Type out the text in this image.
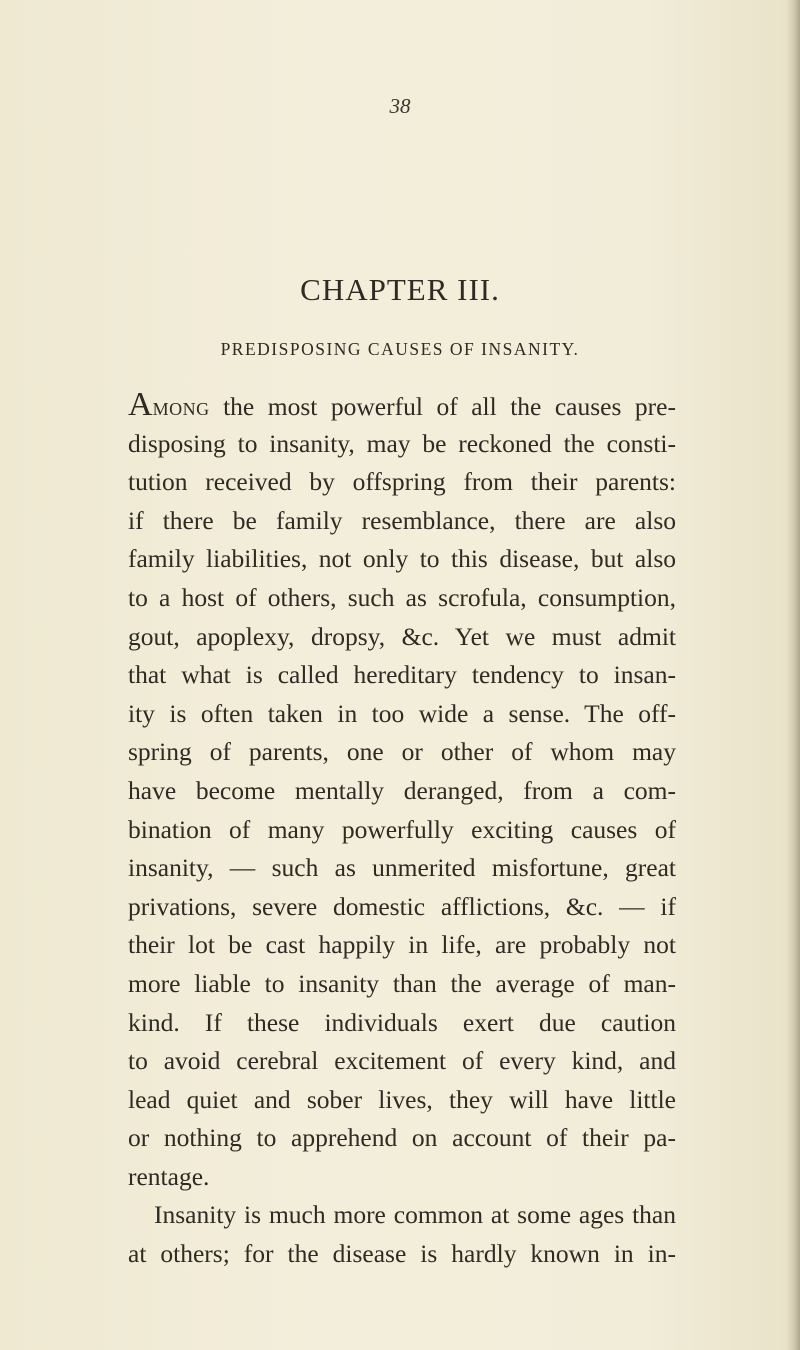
38
CHAPTER III.
PREDISPOSING CAUSES OF INSANITY.
Among the most powerful of all the causes pre-
disposing to insanity, may be reckoned the consti-
tution received by offspring from their parents:
if there be family resemblance, there are also
family liabilities, not only to this disease, but also
to a host of others, such as scrofula, consumption,
gout, apoplexy, dropsy, &c. Yet we must admit
that what is called hereditary tendency to insan-
ity is often taken in too wide a sense. The off-
spring of parents, one or other of whom may
have become mentally deranged, from a com-
bination of many powerfully exciting causes of
insanity, — such as unmerited misfortune, great
privations, severe domestic afflictions, &c. — if
their lot be cast happily in life, are probably not
more liable to insanity than the average of man-
kind. If these individuals exert due caution
to avoid cerebral excitement of every kind, and
lead quiet and sober lives, they will have little
or nothing to apprehend on account of their pa-
rentage.
Insanity is much more common at some ages than
at others; for the disease is hardly known in in-
